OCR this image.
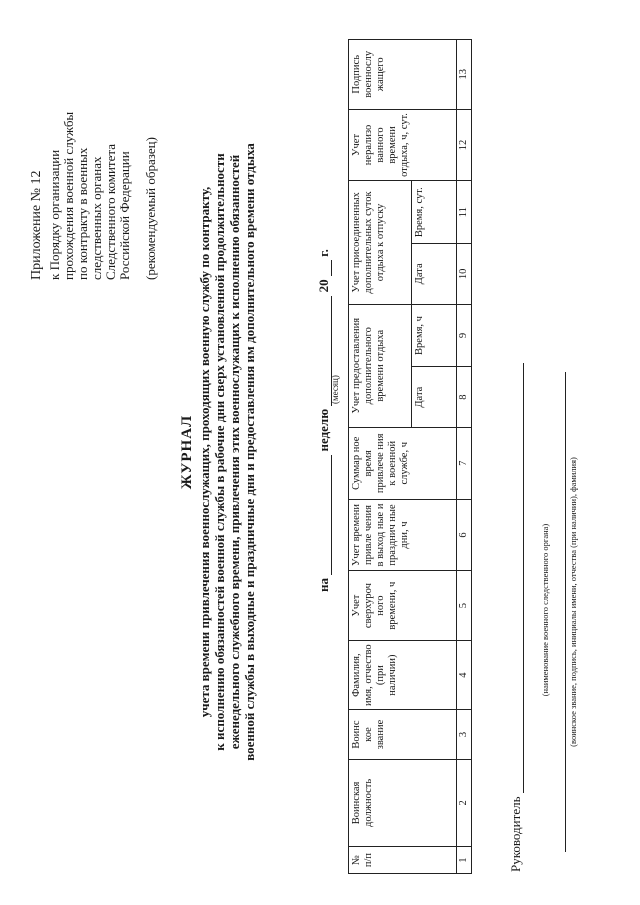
Приложение № 12 к Порядку организации прохождения военной службы по контракту в военных следственных органах Следственного комитета Российской Федерации (рекомендуемый образец)
ЖУРНАЛ учета времени привлечения военнослужащих, проходящих военную службу по контракту, к исполнению обязанностей военной службы в рабочие дни сверх установленной продолжительности еженедельного служебного времени, привлечения этих военнослужащих к исполнению обязанностей военной службы в выходные и праздничные дни и предоставления им дополнительного времени отдыха	на  неделю  20  г.
(месяц)
№ п/п	Воинская должность	Воинс кое звание	Фамилия, имя, отчество (при наличии)	Учет сверхуроч ного времени, ч	Учет времени привле чения в выход ные и празднич ные дни, ч	Суммар ное время привлече ния к военной службе, ч	Учет предоставления дополнительного времени отдыха		Учет присоединенных дополнительных суток отдыха к отпуску		Учет нерализо ванного времени отдыха, ч, сут.	Подпись военнослу жащего
							Дата	Время, ч	Дата	Время, сут.		
1	2	3	4	5	6	7	8	9	10	11	12	13
Руководитель
(наименование военного следственного органа) (воинское звание, подпись, инициалы имени, отчества (при наличии), фамилия)
